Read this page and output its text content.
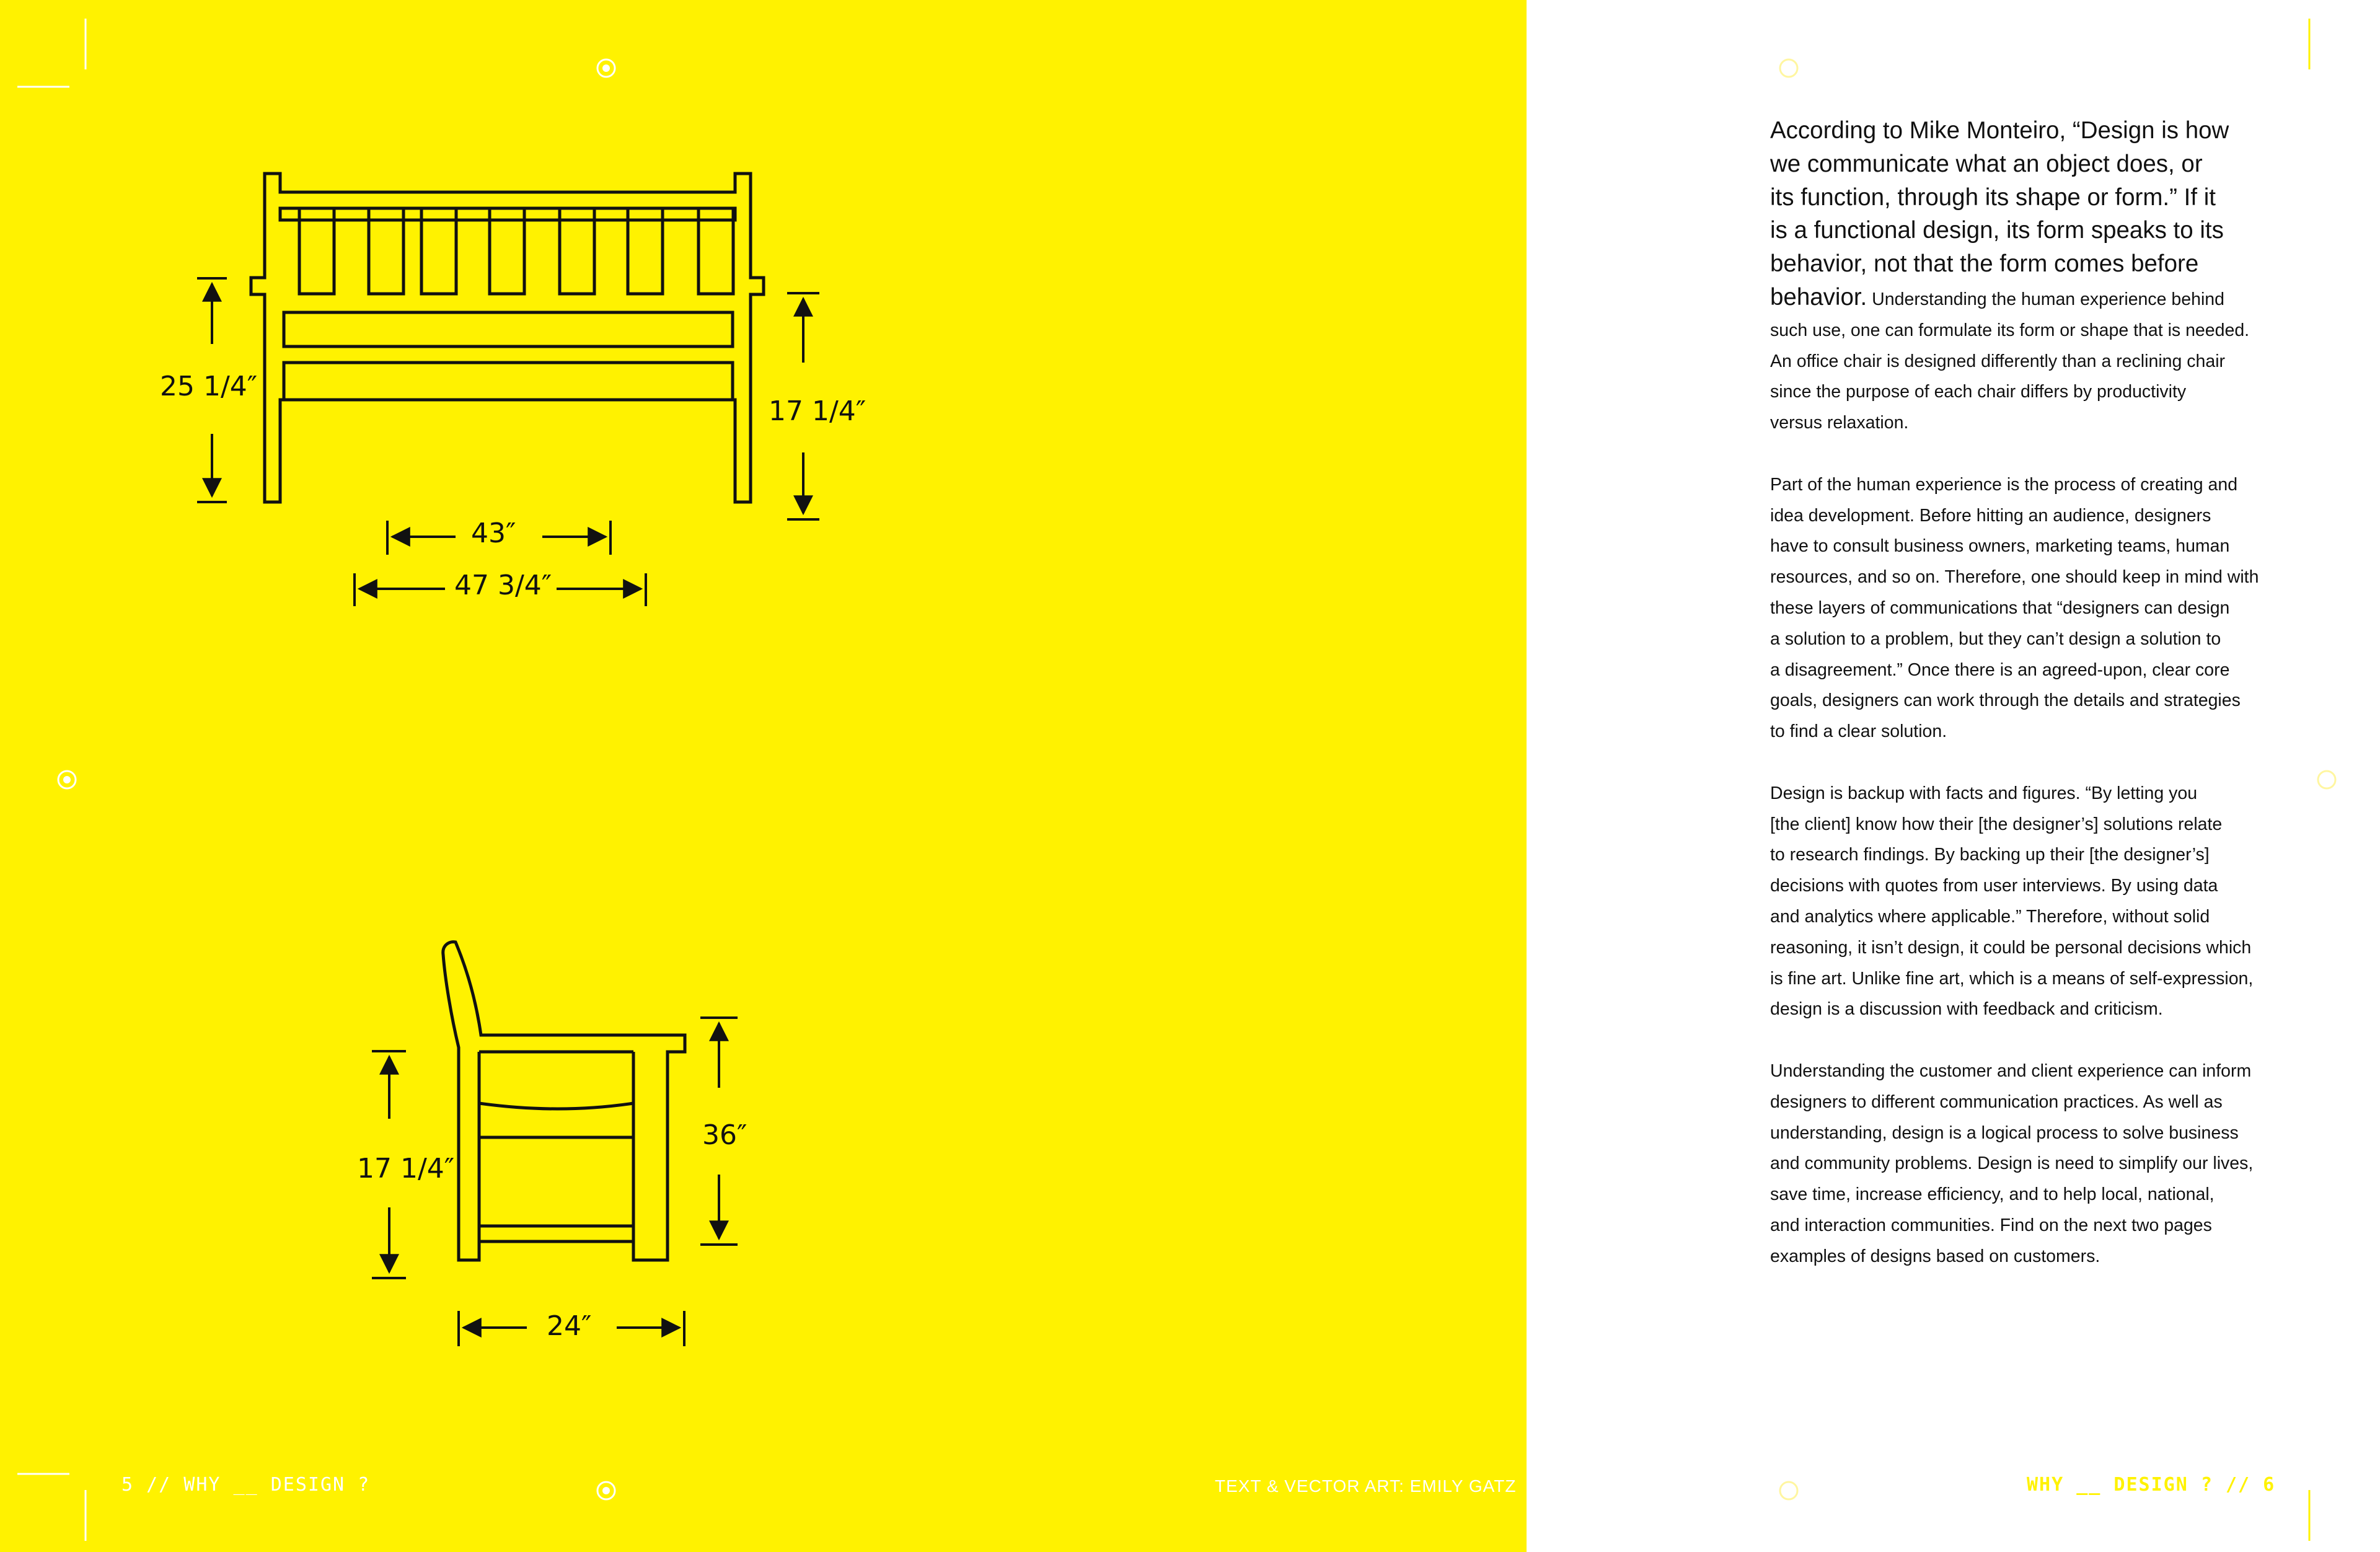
25 1/4″
17 1/4″
43″
47 3/4″
17 1/4″
36″
24″
5 // WHY __ DESIGN ?	TEXT & VECTOR ART: EMILY GATZ	WHY __ DESIGN ? // 6
According to Mike Monteiro, “Design is how
we communicate what an object does, or
its function, through its shape or form.” If it
is a functional design, its form speaks to its
behavior, not that the form comes before
behavior. Understanding the human experience behind
such use, one can formulate its form or shape that is needed.
An office chair is designed differently than a reclining chair
since the purpose of each chair differs by productivity
versus relaxation.
Part of the human experience is the process of creating and
idea development. Before hitting an audience, designers
have to consult business owners, marketing teams, human
resources, and so on. Therefore, one should keep in mind with
these layers of communications that “designers can design
a solution to a problem, but they can’t design a solution to
a disagreement.” Once there is an agreed-upon, clear core
goals, designers can work through the details and strategies
to find a clear solution.
Design is backup with facts and figures. “By letting you
[the client] know how their [the designer’s] solutions relate
to research findings. By backing up their [the designer’s]
decisions with quotes from user interviews. By using data
and analytics where applicable.” Therefore, without solid
reasoning, it isn’t design, it could be personal decisions which
is fine art. Unlike fine art, which is a means of self-expression,
design is a discussion with feedback and criticism.
Understanding the customer and client experience can inform
designers to different communication practices. As well as
understanding, design is a logical process to solve business
and community problems. Design is need to simplify our lives,
save time, increase efficiency, and to help local, national,
and interaction communities. Find on the next two pages
examples of designs based on customers.
